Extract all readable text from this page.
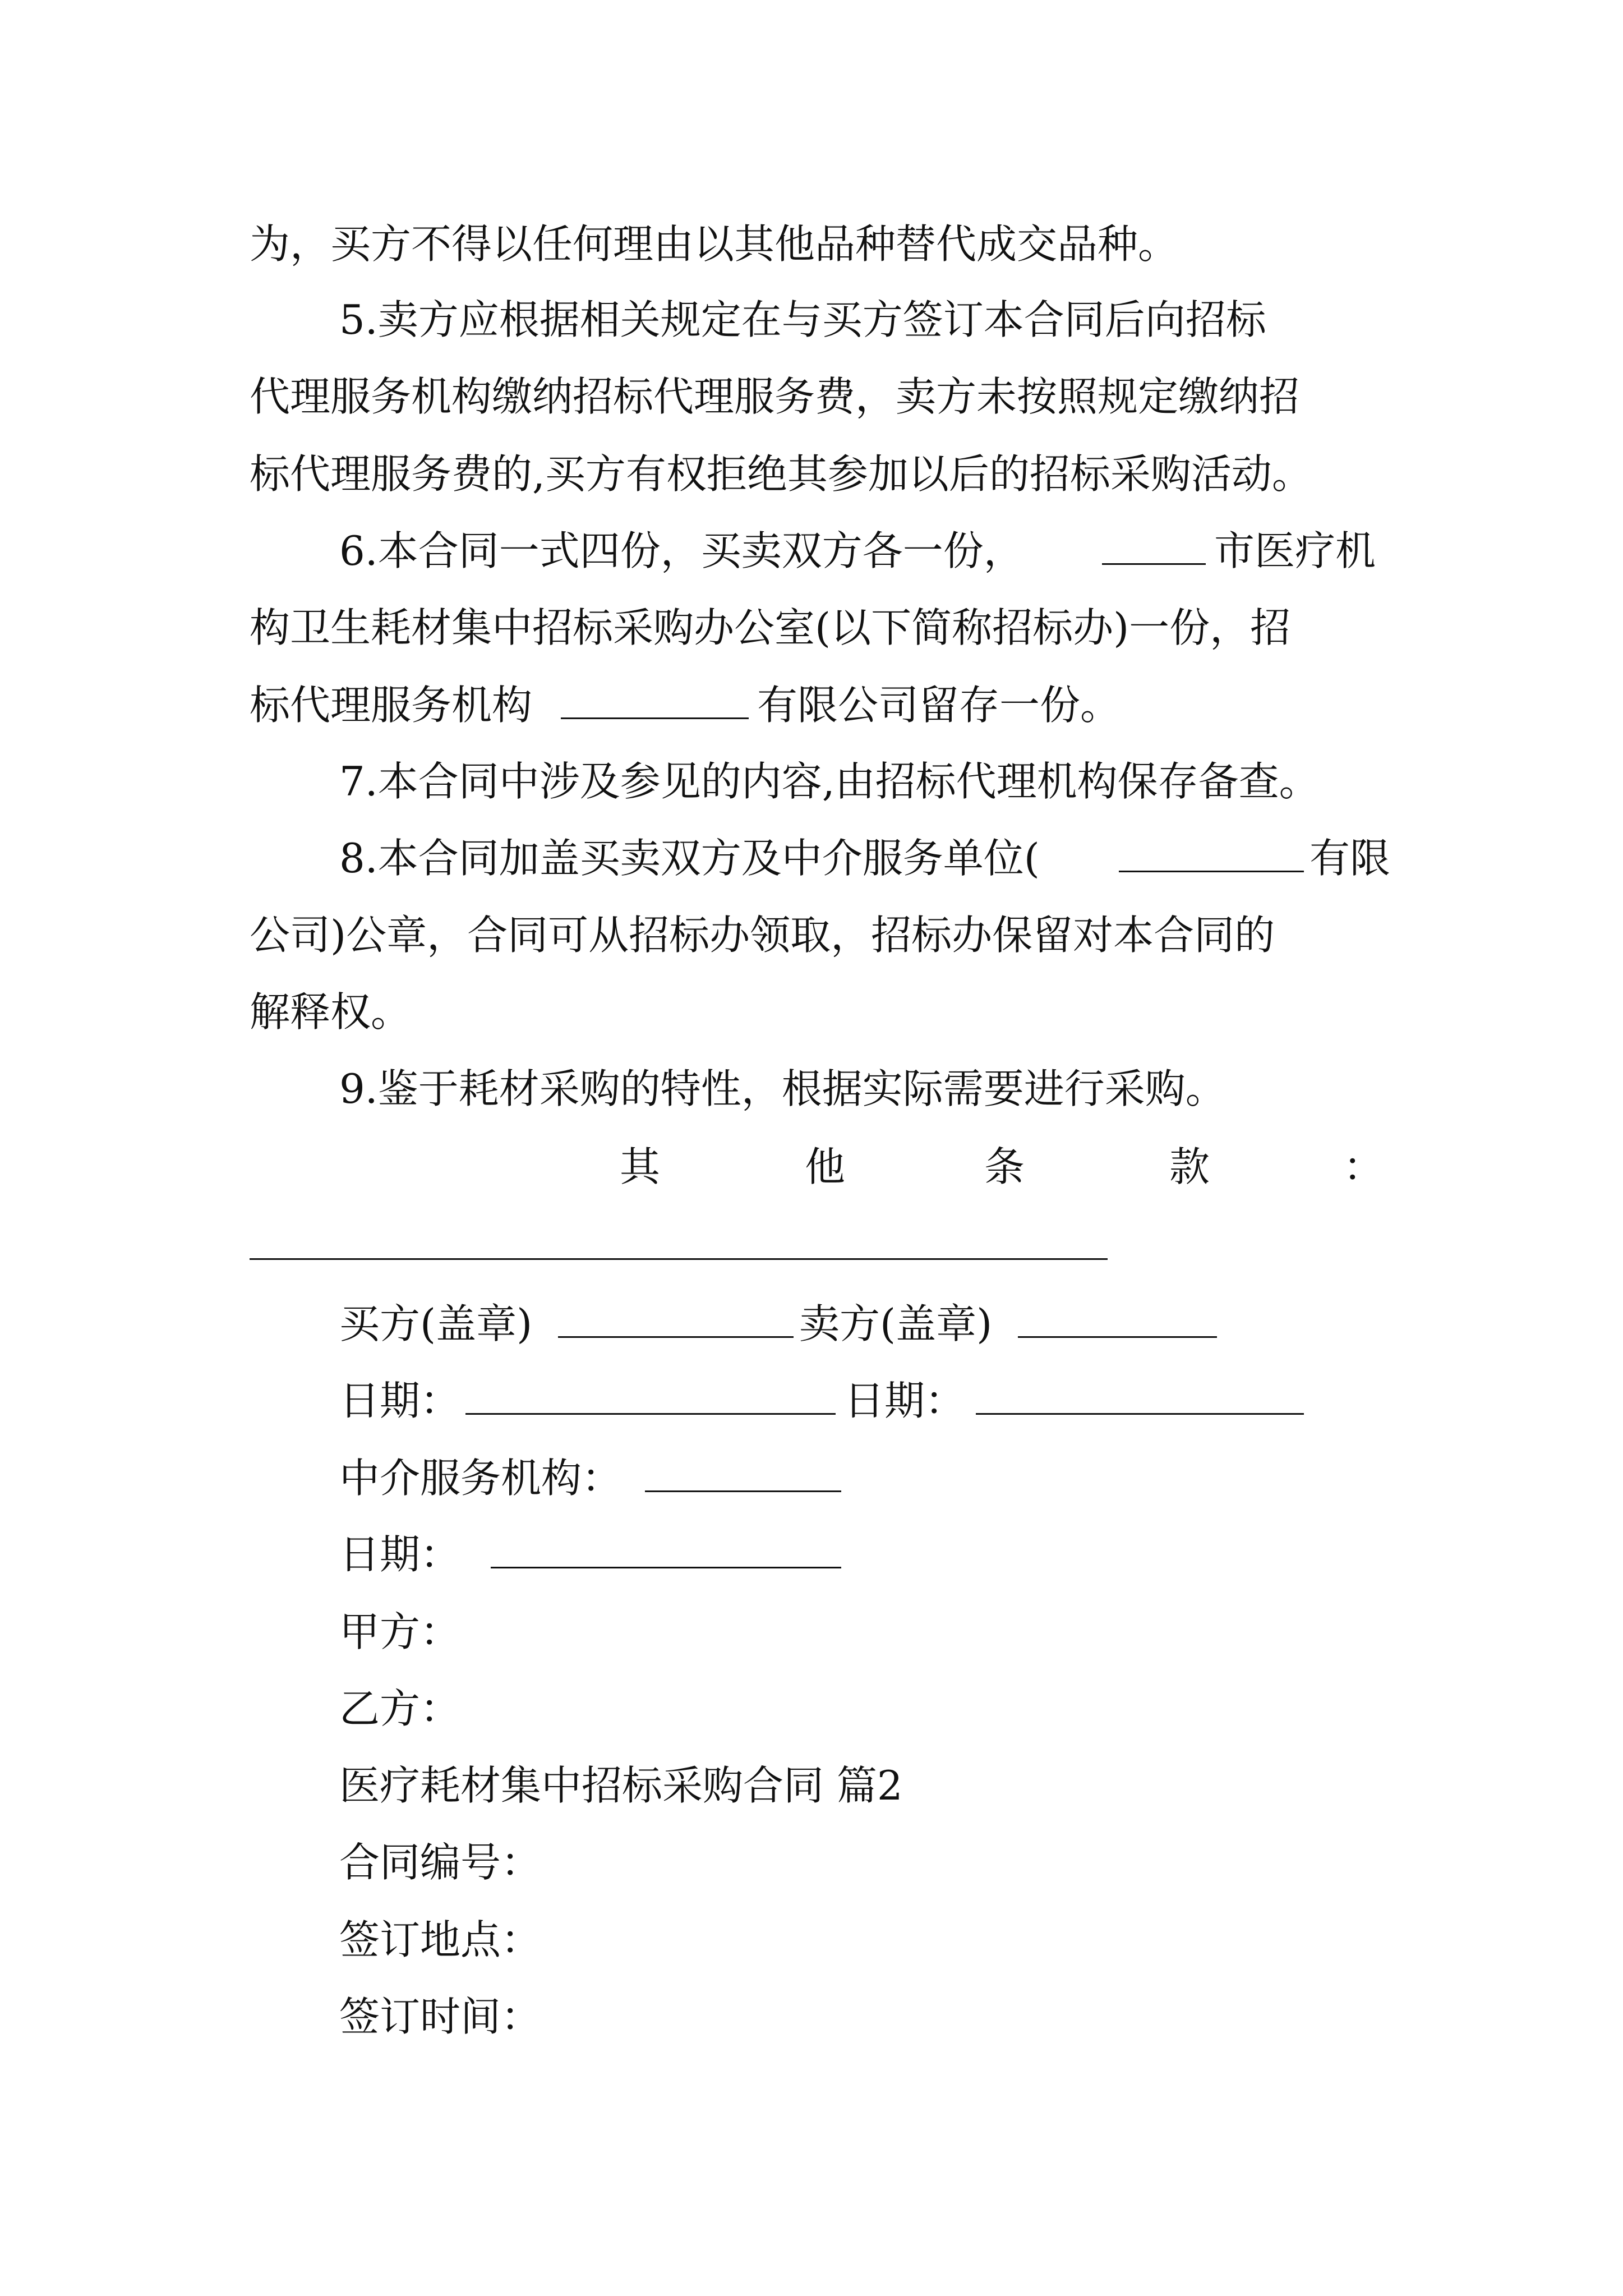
为，买方不得以任何理由以其他品种替代成交品种。
5.卖方应根据相关规定在与买方签订本合同后向招标
代理服务机构缴纳招标代理服务费，卖方未按照规定缴纳招
标代理服务费的,买方有权拒绝其参加以后的招标采购活动。
6.本合同一式四份，买卖双方各一份，	市医疗机
构卫生耗材集中招标采购办公室(以下简称招标办)一份，招
标代理服务机构	有限公司留存一份。
7.本合同中涉及参见的内容,由招标代理机构保存备查。
8.本合同加盖买卖双方及中介服务单位(	有限
公司)公章，合同可从招标办领取，招标办保留对本合同的
解释权。
9.鉴于耗材采购的特性，根据实际需要进行采购。
其	他	条	款	：
买方(盖章)	卖方(盖章)
日期：	日期：
中介服务机构：
日期：
甲方：
乙方：
医疗耗材集中招标采购合同 篇2
合同编号：
签订地点：
签订时间：
